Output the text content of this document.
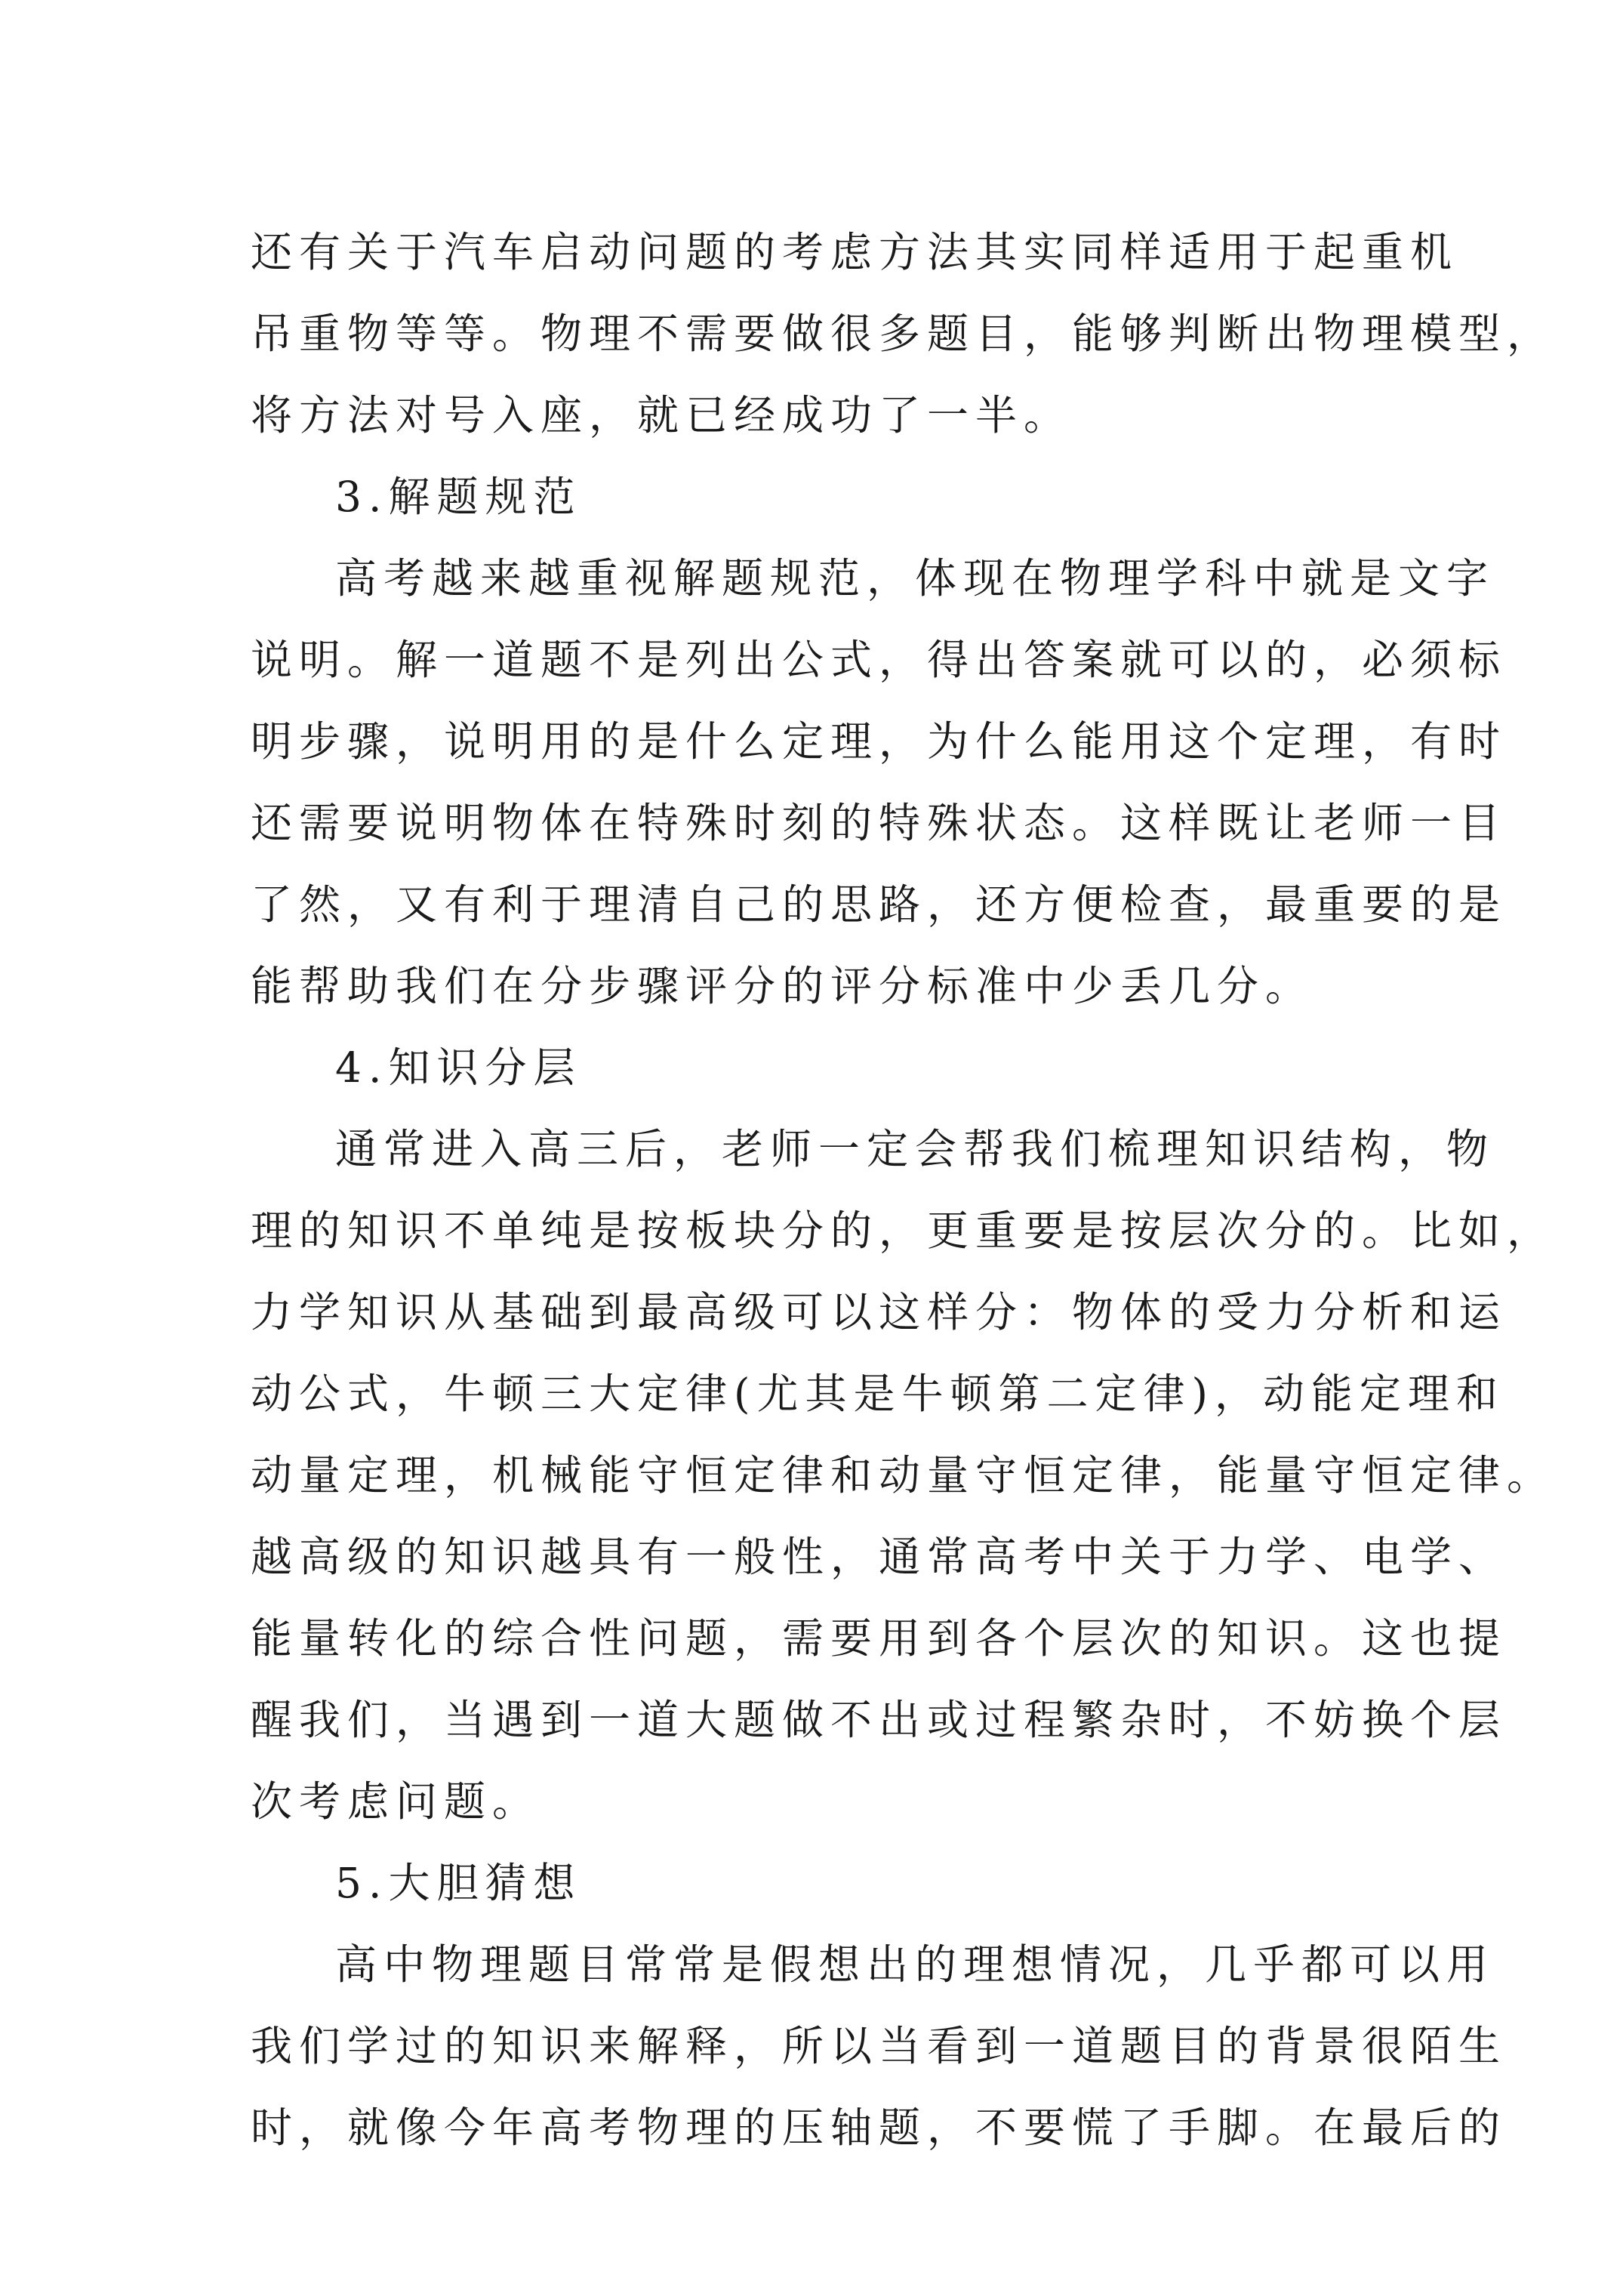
还有关于汽车启动问题的考虑方法其实同样适用于起重机
吊重物等等。物理不需要做很多题目，能够判断出物理模型，
将方法对号入座，就已经成功了一半。
3.解题规范
高考越来越重视解题规范，体现在物理学科中就是文字
说明。解一道题不是列出公式，得出答案就可以的，必须标
明步骤，说明用的是什么定理，为什么能用这个定理，有时
还需要说明物体在特殊时刻的特殊状态。这样既让老师一目
了然，又有利于理清自己的思路，还方便检查，最重要的是
能帮助我们在分步骤评分的评分标准中少丢几分。
4.知识分层
通常进入高三后，老师一定会帮我们梳理知识结构，物
理的知识不单纯是按板块分的，更重要是按层次分的。比如，
力学知识从基础到最高级可以这样分：物体的受力分析和运
动公式，牛顿三大定律(尤其是牛顿第二定律)，动能定理和
动量定理，机械能守恒定律和动量守恒定律，能量守恒定律。
越高级的知识越具有一般性，通常高考中关于力学、电学、
能量转化的综合性问题，需要用到各个层次的知识。这也提
醒我们，当遇到一道大题做不出或过程繁杂时，不妨换个层
次考虑问题。
5.大胆猜想
高中物理题目常常是假想出的理想情况，几乎都可以用
我们学过的知识来解释，所以当看到一道题目的背景很陌生
时，就像今年高考物理的压轴题，不要慌了手脚。在最后的
